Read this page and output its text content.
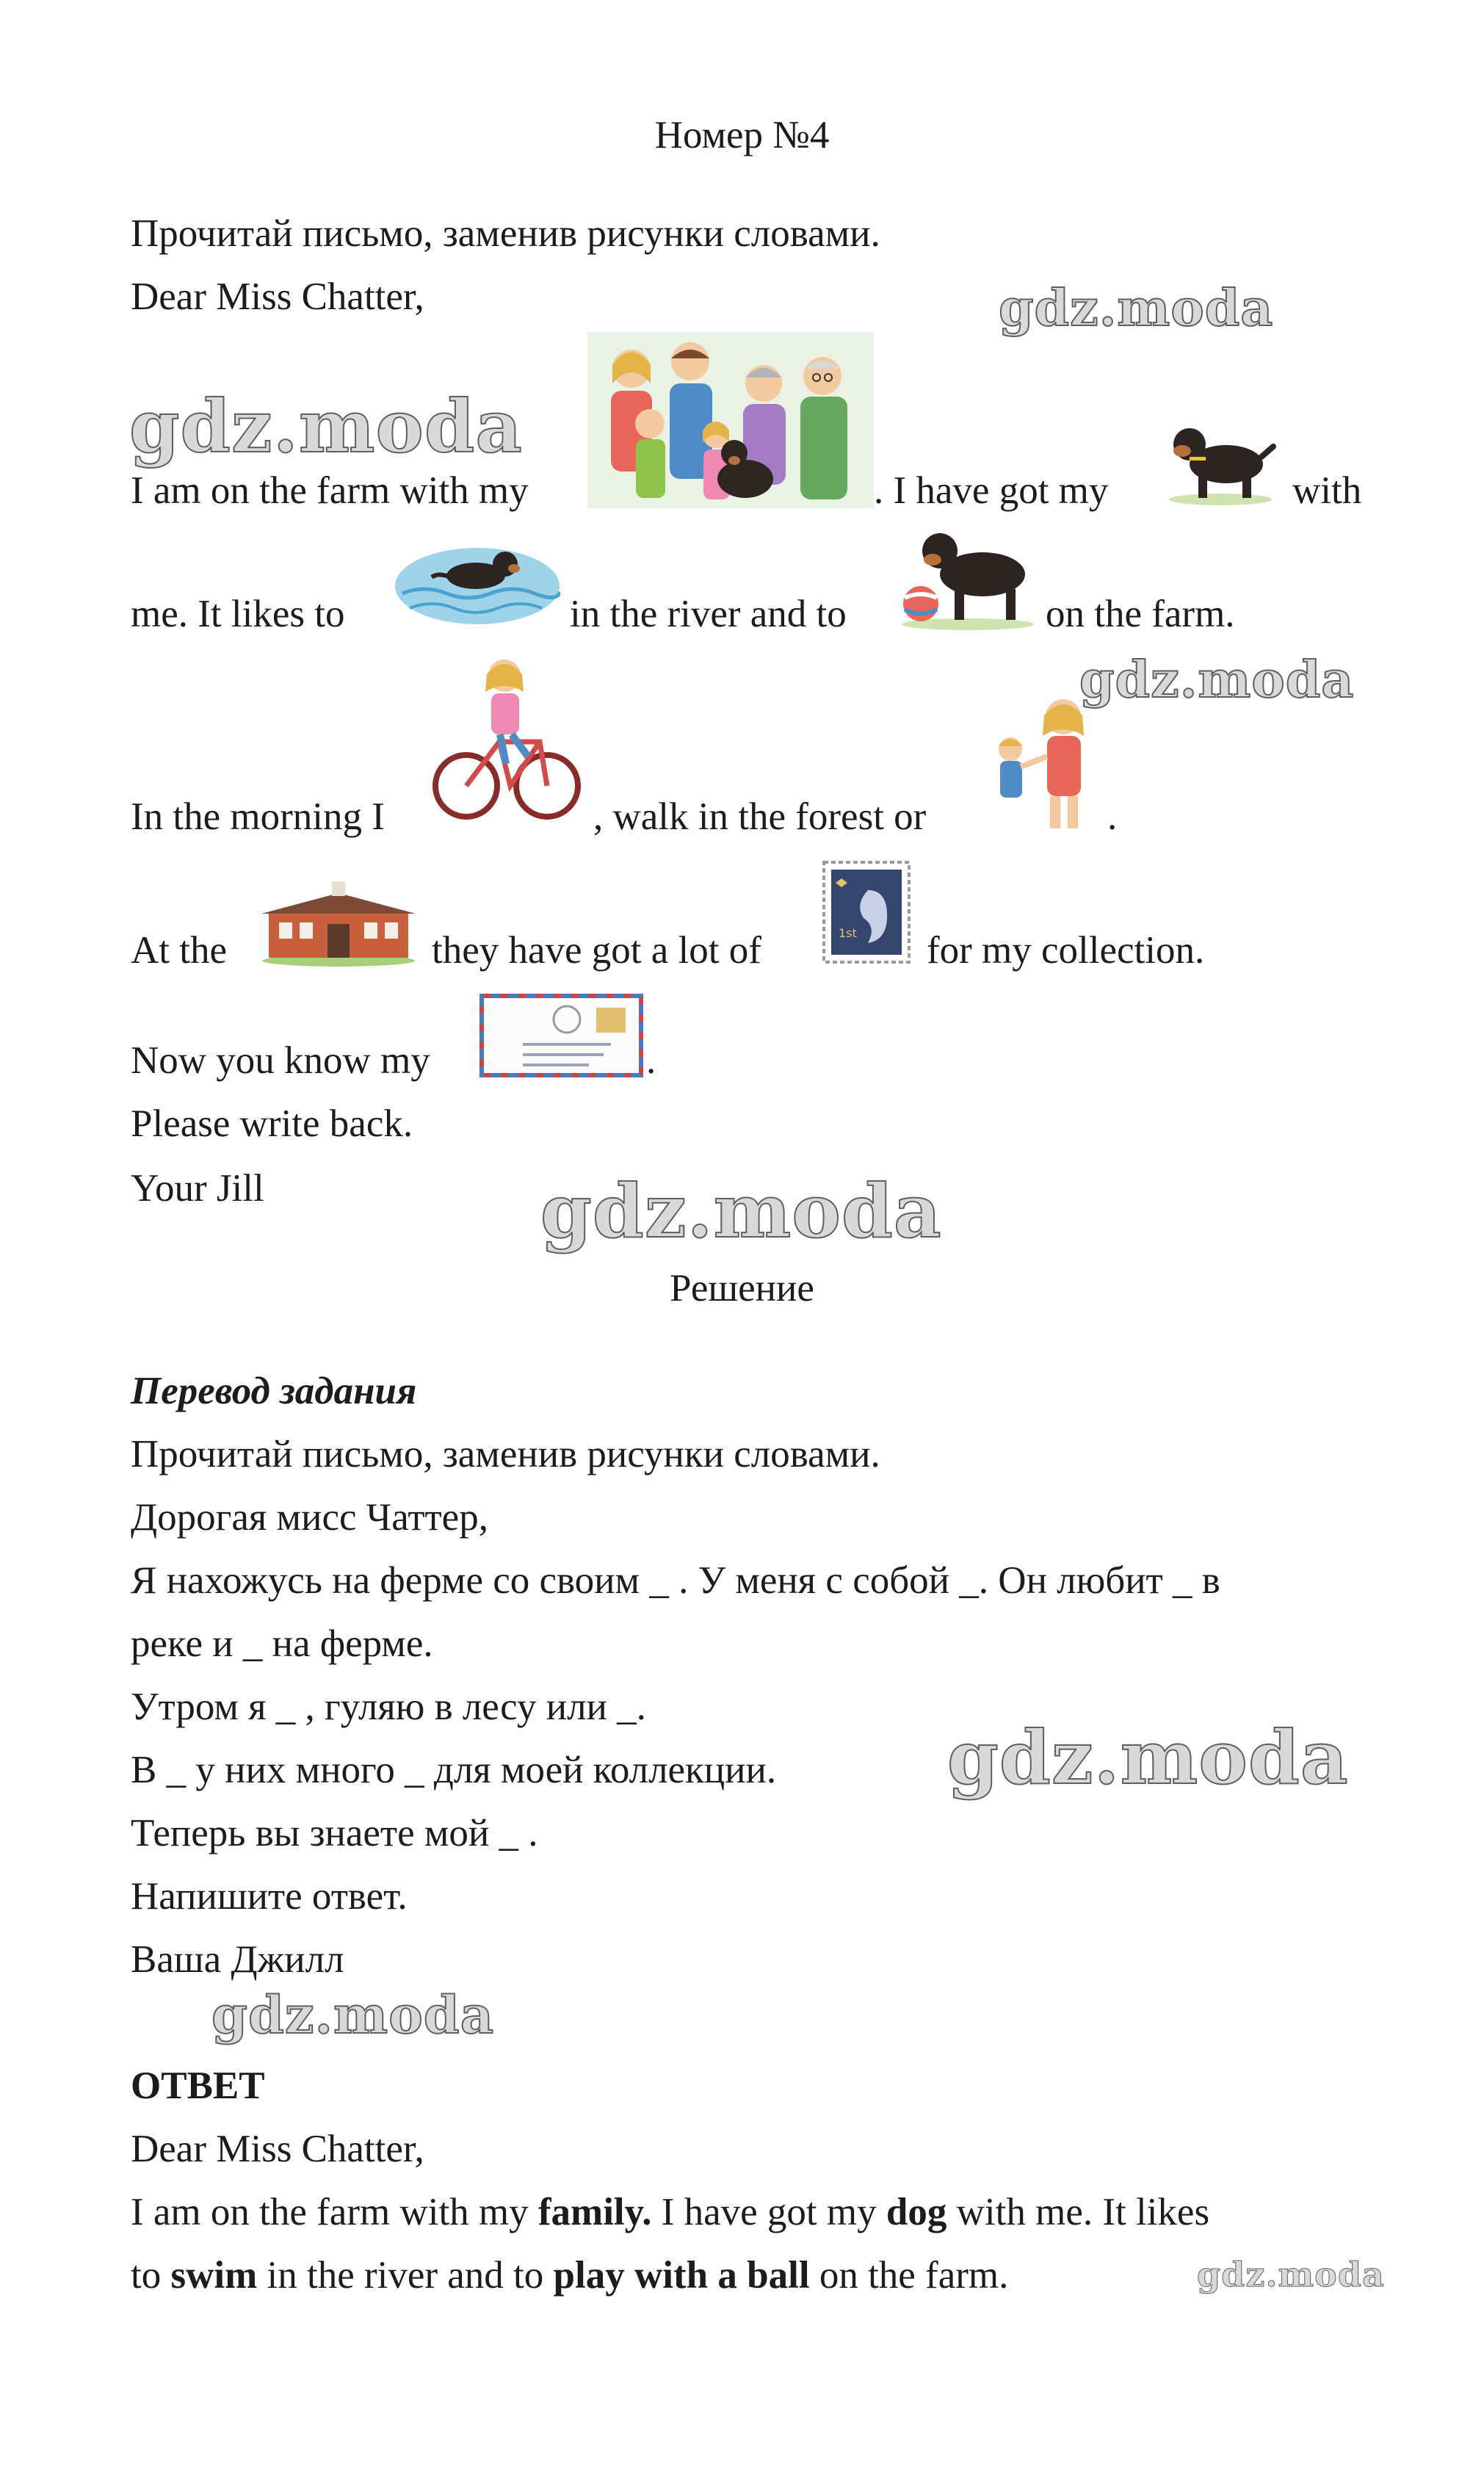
Номер №4
Прочитай письмо, заменив рисунки словами.
Dear Miss Chatter,
I am on the farm with my	. I have got my	with
me. It likes to	in the river and to	on the farm.
In the morning I	, walk in the forest or	.
At the	they have got a lot of	1st for my collection.
Now you know my	.
Please write back.
Your Jill
Решение
Перевод задания
Прочитай письмо, заменив рисунки словами.
Дорогая мисс Чаттер,
Я нахожусь на ферме со своим _ . У меня с собой _. Он любит _ в
реке и _ на ферме.
Утром я _ , гуляю в лесу или _.
В _ у них много _ для моей коллекции.
Теперь вы знаете мой _ .
Напишите ответ.
Ваша Джилл
ОТВЕТ
Dear Miss Chatter,
I am on the farm with my family. I have got my dog with me. It likes
to swim in the river and to play with a ball on the farm.
gdz.moda
gdz.moda
gdz.moda
gdz.moda
gdz.moda
gdz.moda
gdz.moda
